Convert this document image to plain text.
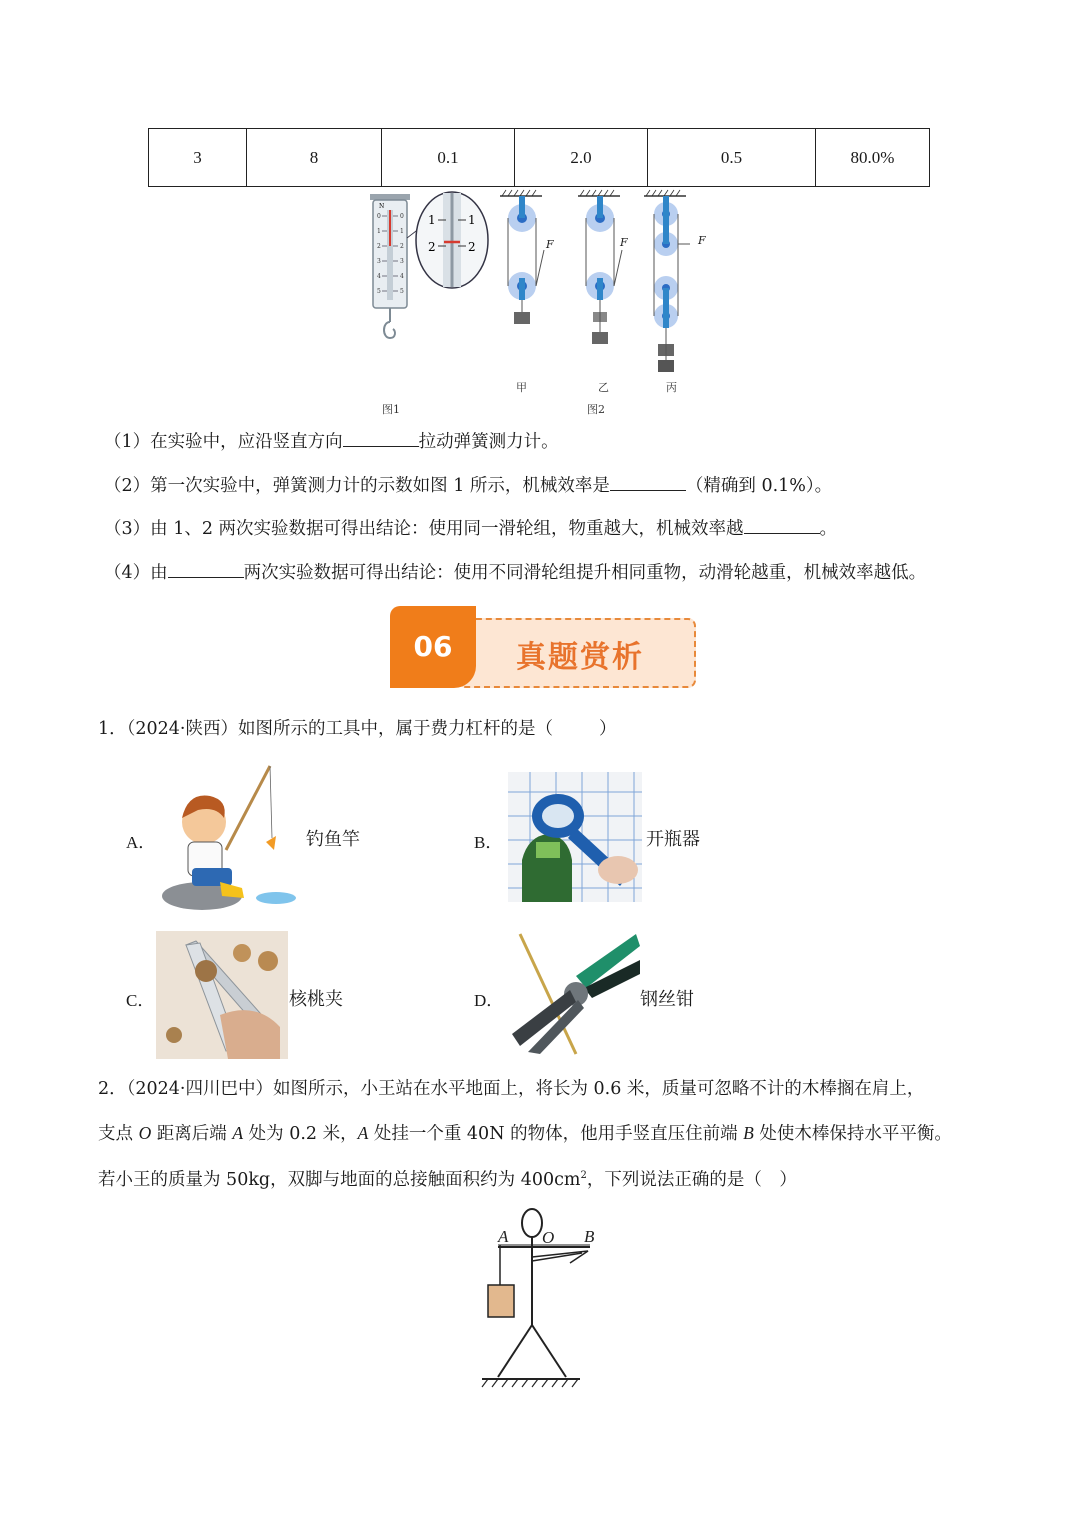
3	8	0.1	2.0	0.5	80.0%
N
0
1
2
3
4
5
0
1
2
3
4
5
1
2
1
2	F	F	F
甲	乙	丙
图1	图2
（1）在实验中，应沿竖直方向	拉动弹簧测力计。
（2）第一次实验中，弹簧测力计的示数如图 1 所示，机械效率是	（精确到 0.1%）。
（3）由 1、2 两次实验数据可得出结论：使用同一滑轮组，物重越大，机械效率越	。
（4）由	两次实验数据可得出结论：使用不同滑轮组提升相同重物，动滑轮越重，机械效率越低。
06	真题赏析
1．（2024·陕西）如图所示的工具中，属于费力杠杆的是（	）
A．	钓鱼竿	B．	开瓶器
C．	核桃夹	D．	钢丝钳
2．（2024·四川巴中）如图所示，小王站在水平地面上，将长为 0.6 米，质量可忽略不计的木棒搁在肩上，
支点 O 距离后端 A 处为 0.2 米，A 处挂一个重 40N 的物体，他用手竖直压住前端 B 处使木棒保持水平平衡。
若小王的质量为 50kg，双脚与地面的总接触面积约为 $400cm^2$，下列说法正确的是（　）
A O B
